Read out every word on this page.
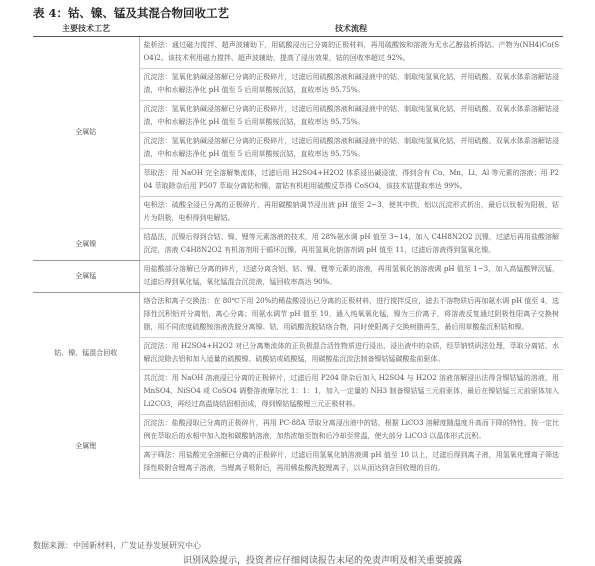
表 4：钴、镍、锰及其混合物回收工艺
主要技术工艺	技术流程
全属钴	盐析法：通过磁力搅拌、超声波辅助下，用硫酸浸出已分离的正极材料，再用硫酸铵和溶液为无水乙醇盐析得钴。产物为(NH4)Co(SO4)2。该技术利用磁力搅拌、超声波辅助，提高了浸出效果，钴的回收率超过 92%。
	沉淀法：氢氧化钠碱浸溶解已分离的正极碎片，过滤后用硫酸溶液和碱浸液中的钴，制取纯氢氧化钴，并用硫酸、双氧水体系溶解钴浸渣，中和水解法净化 pH 值至 5 后用草酸铵沉钴，直收率达 95.75%。
	沉淀法：氢氧化钠碱浸溶解已分离的正极碎片，过滤后用硫酸溶液和碱浸液中的钴，制取纯氢氧化钴，并用硫酸、双氧水体系溶解钴浸渣，中和水解法净化 pH 值至 5 后用草酸铵沉钴，直收率达 95.75%。
	沉淀法：氢氧化钠碱浸溶解已分离的正极碎片，过滤后用硫酸溶液和碱浸液中的钴，制取纯氢氧化钴，并用硫酸、双氧水体系溶解钴浸渣，中和水解法净化 pH 值至 5 后用草酸铵沉钴，直收率达 95.75%。
	萃取法：用 NaOH 完全溶解集流体，过滤后用 H2SO4+H2O2 体系浸出碱浸渣，得到含有 Co、Mn、Li、Al 等元素的溶液；用 P204 萃取除杂后用 P507 萃取分离钴和镍，富钴有机相用硫酸反萃得 CoSO4，该技术钴提取率达 99%。
	电积法：硫酸全浸已分离的正极碎片，再用碳酸钠调节浸出液 pH 值至 2~3，使其中铁、铝以沉淀形式析出，最后以钛板为阳极，钴片为阴极，电积得到电解钴。
全属镍	结晶法，沉镍后得到合钴、镍、锂等元素溶液的技术，用 28%氨水调 pH 值至 3~14，加入 C4H8N2O2 沉镍，过滤后再用盐酸溶解沉淀，溶液 C4H8N2O2 有机溶剂用于循环沉镍，再用氢氧化钠溶剂调 pH 值至 11，过滤后溶液得到氢氧化镍。
全属锰	用盐酸部分溶解已分离的碎片，过滤分离含铝、钴、镍、锂等元素的溶液，再用氢氧化钠溶液调 pH 值至 1~3，加入高锰酸钾沉锰，过滤后得到氧化锰，氧化锰混合沉淀液，锰回收率高达 90%。
钴、镍、锰混合回收	络合法和离子交换法：在 80℃下用 20%的稀盐酸浸出已分离的正极材料，进行搅拌反应，滤去不溶物质后再加氨水调 pH 值至 4，选择性沉积铝并分离铝，离心分离；用氨水调节 pH 值至 10，通入纯氧氧化锰，镍为三价离子，将溶液反复通过阴极性阳离子交换树脂，用不同浓度硫酸铵溶液洗脱分离镍、钴，用硫酸洗脱钴络合物，同时使阳离子交换树脂再生，最后用草酸盐沉积钴和镍。
	沉淀法：用 H2SO4+H2O2 对已分离集流体的正负极混合活性物质进行浸出，浸出液中的杂质，经萃钠铁矾法处理，萃取分离钴，水解沉淀除去铝和加入适量的硫酸镍、硫酸钴或硫酸锰，用碳酸盐沉淀法制备镍钴锰碳酸盐前驱体。
	共沉淀：用 NaOH 溶液浸已分离的正极碎片，过滤后用 P204 除杂后加入 H2SO4 与 H2O2 溶液溶解浸出法得含镍钴锰的溶液，用 MnSO4、NiSO4 或 CoSO4 调整溶液摩尔比 1：1：1，加入一定量的 NH3 制备镍钴锰三元前驱体，最后在镍钴锰三元前驱体加入 Li2CO3，再经过高温烧结固相而成，得到镍钴锰酸锂三元正极材料。
全属锂	沉淀法：盐酸浸取已分离的正极碎片，再用 PC-88A 萃取分离浸出液中的钴，根据 LiCO3 溶解度随温度升高而下降的特性，按一定比例在萃取后的水相中加入饱和碳酸钠溶液，加热浓缩至饱和后冷却至常温，使大部分 LiCO3 以晶体形式沉积。
	离子筛法：用盐酸完全溶解已分离的正极碎片，过滤后用氢氧化钠溶液调 pH 值至 10 以上，过滤后得到离子液，用氢氧化锂离子筛选择性吸附含锂离子溶液，当锂离子吸附后，再用稀盐酸洗脱锂离子，以从而达到含回收锂的目的。
数据来源：中国新材料，广发证券发展研究中心
识别风险提示，投资者应仔细阅读报告末尾的免责声明及相关重要披露
